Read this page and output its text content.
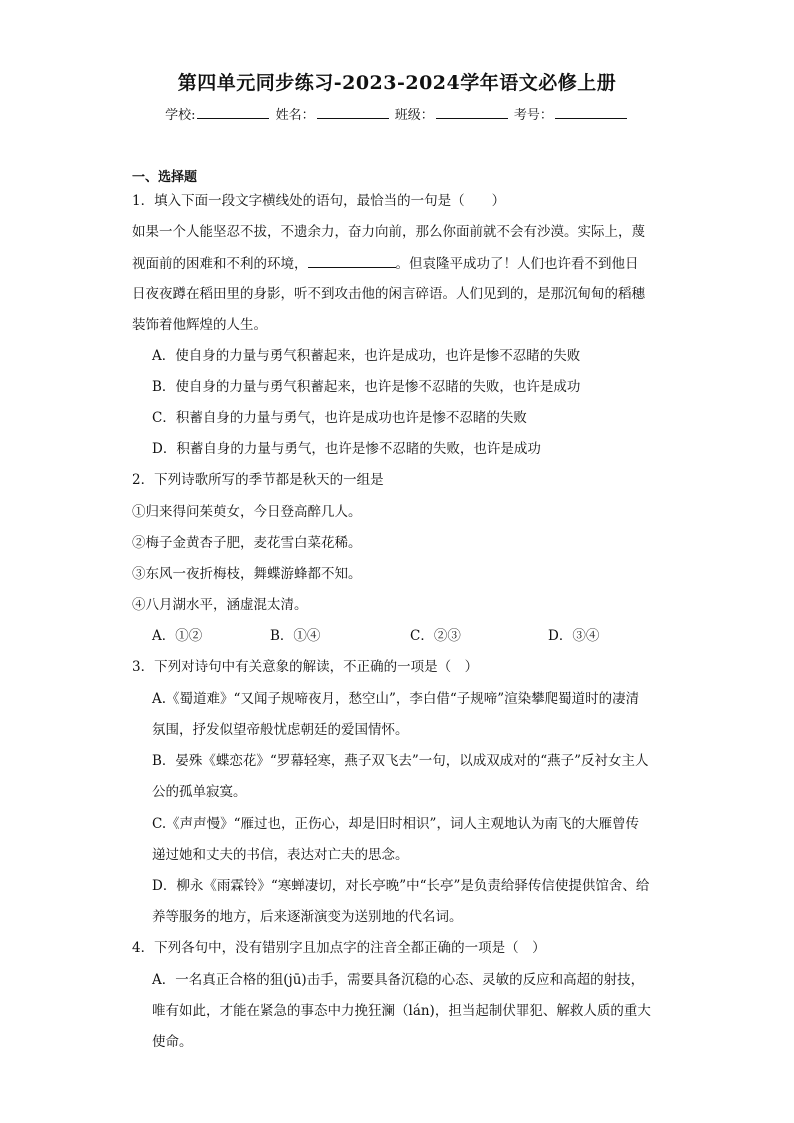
第四单元同步练习-2023-2024学年语文必修上册
学校:	姓名：	班级：	考号：
一、选择题
1．填入下面一段文字横线处的语句，最恰当的一句是（　　）
如果一个人能坚忍不拔，不遗余力，奋力向前，那么你面前就不会有沙漠。实际上，蔑
视面前的困难和不利的环境，	。但袁隆平成功了！人们也许看不到他日
日夜夜蹲在稻田里的身影，听不到攻击他的闲言碎语。人们见到的，是那沉甸甸的稻穗
装饰着他辉煌的人生。
A．使自身的力量与勇气积蓄起来，也许是成功，也许是惨不忍睹的失败
B．使自身的力量与勇气积蓄起来，也许是惨不忍睹的失败，也许是成功
C．积蓄自身的力量与勇气，也许是成功也许是惨不忍睹的失败
D．积蓄自身的力量与勇气，也许是惨不忍睹的失败，也许是成功
2．下列诗歌所写的季节都是秋天的一组是
①归来得问茱萸女，今日登高醉几人。
②梅子金黄杏子肥，麦花雪白菜花稀。
③东风一夜折梅枝，舞蝶游蜂都不知。
④八月湖水平，涵虚混太清。
A．①②	B．①④	C．②③	D．③④
3．下列对诗句中有关意象的解读，不正确的一项是（　）
A.《蜀道难》“又闻子规啼夜月，愁空山”，李白借“子规啼”渲染攀爬蜀道时的凄清
氛围，抒发似望帝般忧虑朝廷的爱国情怀。
B．晏殊《蝶恋花》“罗幕轻寒，燕子双飞去”一句，以成双成对的“燕子”反衬女主人
公的孤单寂寞。
C.《声声慢》“雁过也，正伤心，却是旧时相识”，词人主观地认为南飞的大雁曾传
递过她和丈夫的书信，表达对亡夫的思念。
D．柳永《雨霖铃》“寒蝉凄切，对长亭晚”中“长亭”是负责给驿传信使提供馆舍、给
养等服务的地方，后来逐渐演变为送别地的代名词。
4．下列各句中，没有错别字且加点字的注音全都正确的一项是（　）
A．一名真正合格的狙(jū)击手，需要具备沉稳的心态、灵敏的反应和高超的射技，
唯有如此，才能在紧急的事态中力挽狂澜（lán)，担当起制伏罪犯、解救人质的重大
使命。
